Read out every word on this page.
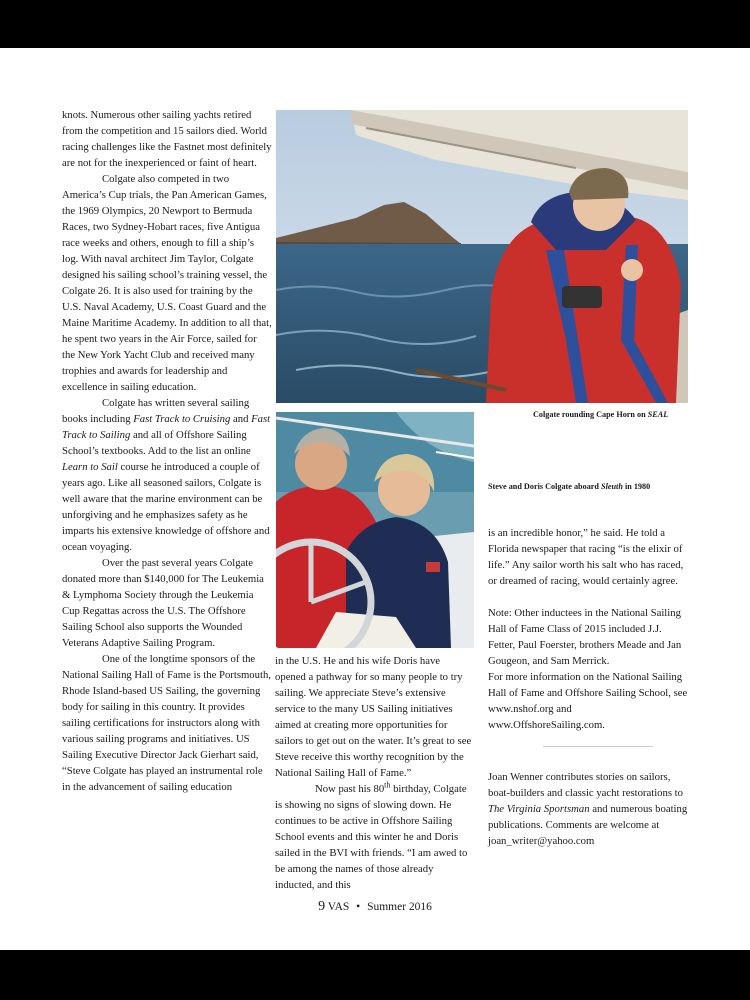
knots. Numerous other sailing yachts retired from the competition and 15 sailors died. World racing challenges like the Fastnet most definitely are not for the inexperienced or faint of heart.

Colgate also competed in two America’s Cup trials, the Pan American Games, the 1969 Olympics, 20 Newport to Bermuda Races, two Sydney-Hobart races, five Antigua race weeks and others, enough to fill a ship’s log. With naval architect Jim Taylor, Colgate designed his sailing school’s training vessel, the Colgate 26. It is also used for training by the U.S. Naval Academy, U.S. Coast Guard and the Maine Maritime Academy. In addition to all that, he spent two years in the Air Force, sailed for the New York Yacht Club and received many trophies and awards for leadership and excellence in sailing education.

Colgate has written several sailing books including Fast Track to Cruising and Fast Track to Sailing and all of Offshore Sailing School’s textbooks. Add to the list an online Learn to Sail course he introduced a couple of years ago. Like all seasoned sailors, Colgate is well aware that the marine environment can be unforgiving and he emphasizes safety as he imparts his extensive knowledge of offshore and ocean voyaging.

Over the past several years Colgate donated more than $140,000 for The Leukemia & Lymphoma Society through the Leukemia Cup Regattas across the U.S. The Offshore Sailing School also supports the Wounded Veterans Adaptive Sailing Program.

One of the longtime sponsors of the National Sailing Hall of Fame is the Portsmouth, Rhode Island-based US Sailing, the governing body for sailing in this country. It provides sailing certifications for instructors along with various sailing programs and initiatives. US Sailing Executive Director Jack Gierhart said, “Steve Colgate has played an instrumental role in the advancement of sailing education

Colgate rounding Cape Horn on SEAL
Steve and Doris Colgate aboard Sleuth in 1980

in the U.S. He and his wife Doris have opened a pathway for so many people to try sailing. We appreciate Steve’s extensive service to the many US Sailing initiatives aimed at creating more opportunities for sailors to get out on the water. It’s great to see Steve receive this worthy recognition by the National Sailing Hall of Fame.”

Now past his 80th birthday, Colgate is showing no signs of slowing down. He continues to be active in Offshore Sailing School events and this winter he and Doris sailed in the BVI with friends. “I am awed to be among the names of those already inducted, and this

is an incredible honor,” he said. He told a Florida newspaper that racing “is the elixir of life.” Any sailor worth his salt who has raced, or dreamed of racing, would certainly agree.

Note: Other inductees in the National Sailing Hall of Fame Class of 2015 included J.J. Fetter, Paul Foerster, brothers Meade and Jan Gougeon, and Sam Merrick.

For more information on the National Sailing Hall of Fame and Offshore Sailing School, see www.nshof.org and www.OffshoreSailing.com.

Joan Wenner contributes stories on sailors, boat-builders and classic yacht restorations to The Virginia Sportsman and numerous boating publications. Comments are welcome at joan_writer@yahoo.com

9 VAS • Summer 2016
